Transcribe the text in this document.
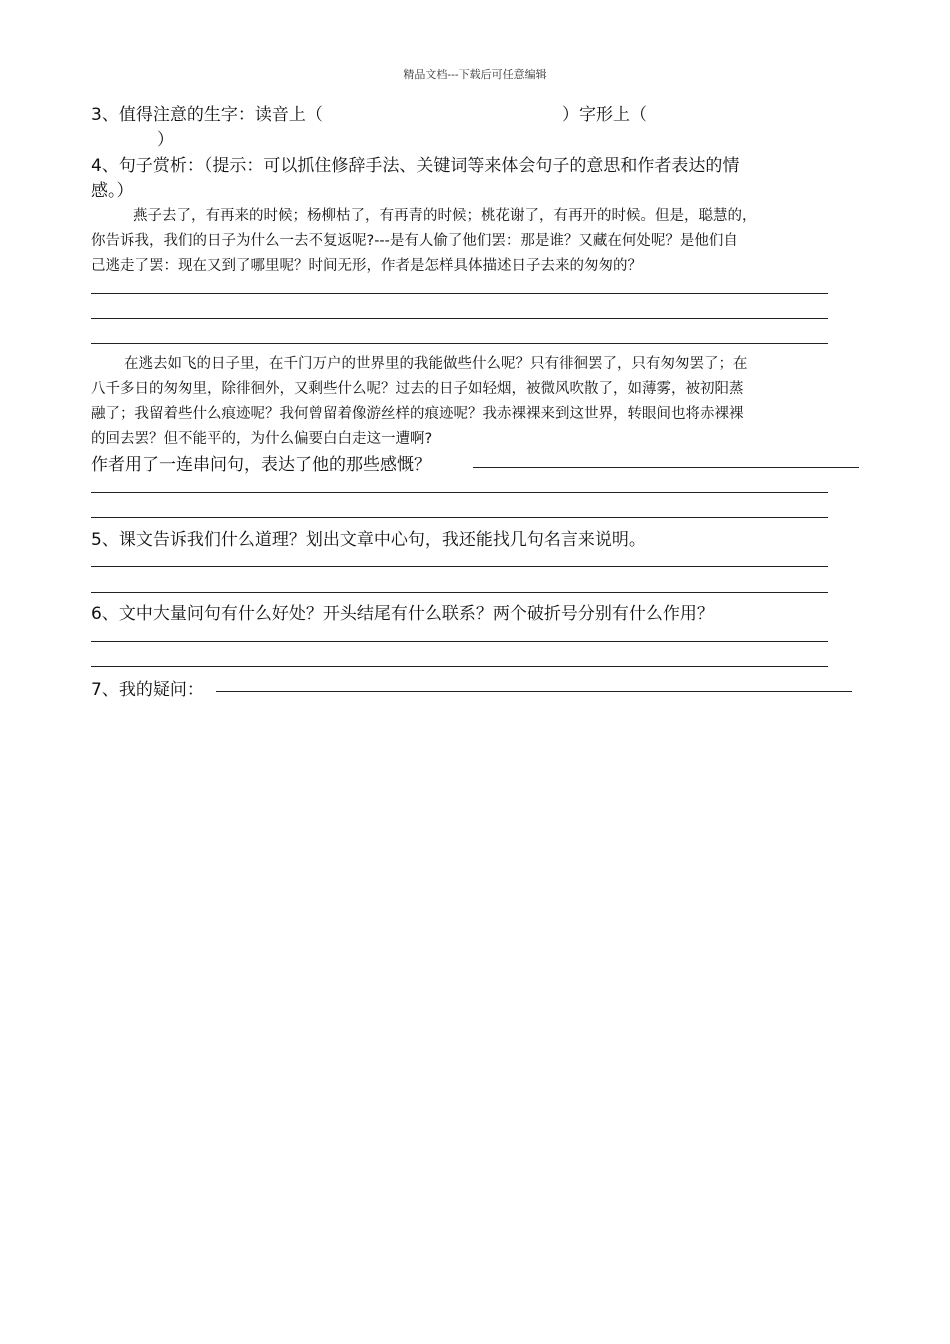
精品文档---下载后可任意编辑
3、值得注意的生字：读音上（	）字形上（
）
4、句子赏析：（提示：可以抓住修辞手法、关键词等来体会句子的意思和作者表达的情
感。）
燕子去了，有再来的时候；杨柳枯了，有再青的时候；桃花谢了，有再开的时候。但是，聪慧的，
你告诉我，我们的日子为什么一去不复返呢?---是有人偷了他们罢：那是谁？又藏在何处呢？是他们自
己逃走了罢：现在又到了哪里呢？时间无形，作者是怎样具体描述日子去来的匆匆的？
在逃去如飞的日子里，在千门万户的世界里的我能做些什么呢？只有徘徊罢了，只有匆匆罢了；在
八千多日的匆匆里，除徘徊外，又剩些什么呢？过去的日子如轻烟，被微风吹散了，如薄雾，被初阳蒸
融了；我留着些什么痕迹呢？我何曾留着像游丝样的痕迹呢？我赤裸裸来到这世界，转眼间也将赤裸裸
的回去罢？但不能平的，为什么偏要白白走这一遭啊?
作者用了一连串问句，表达了他的那些感慨？
5、课文告诉我们什么道理？划出文章中心句，我还能找几句名言来说明。
6、文中大量问句有什么好处？开头结尾有什么联系？两个破折号分别有什么作用？
7、我的疑问：
